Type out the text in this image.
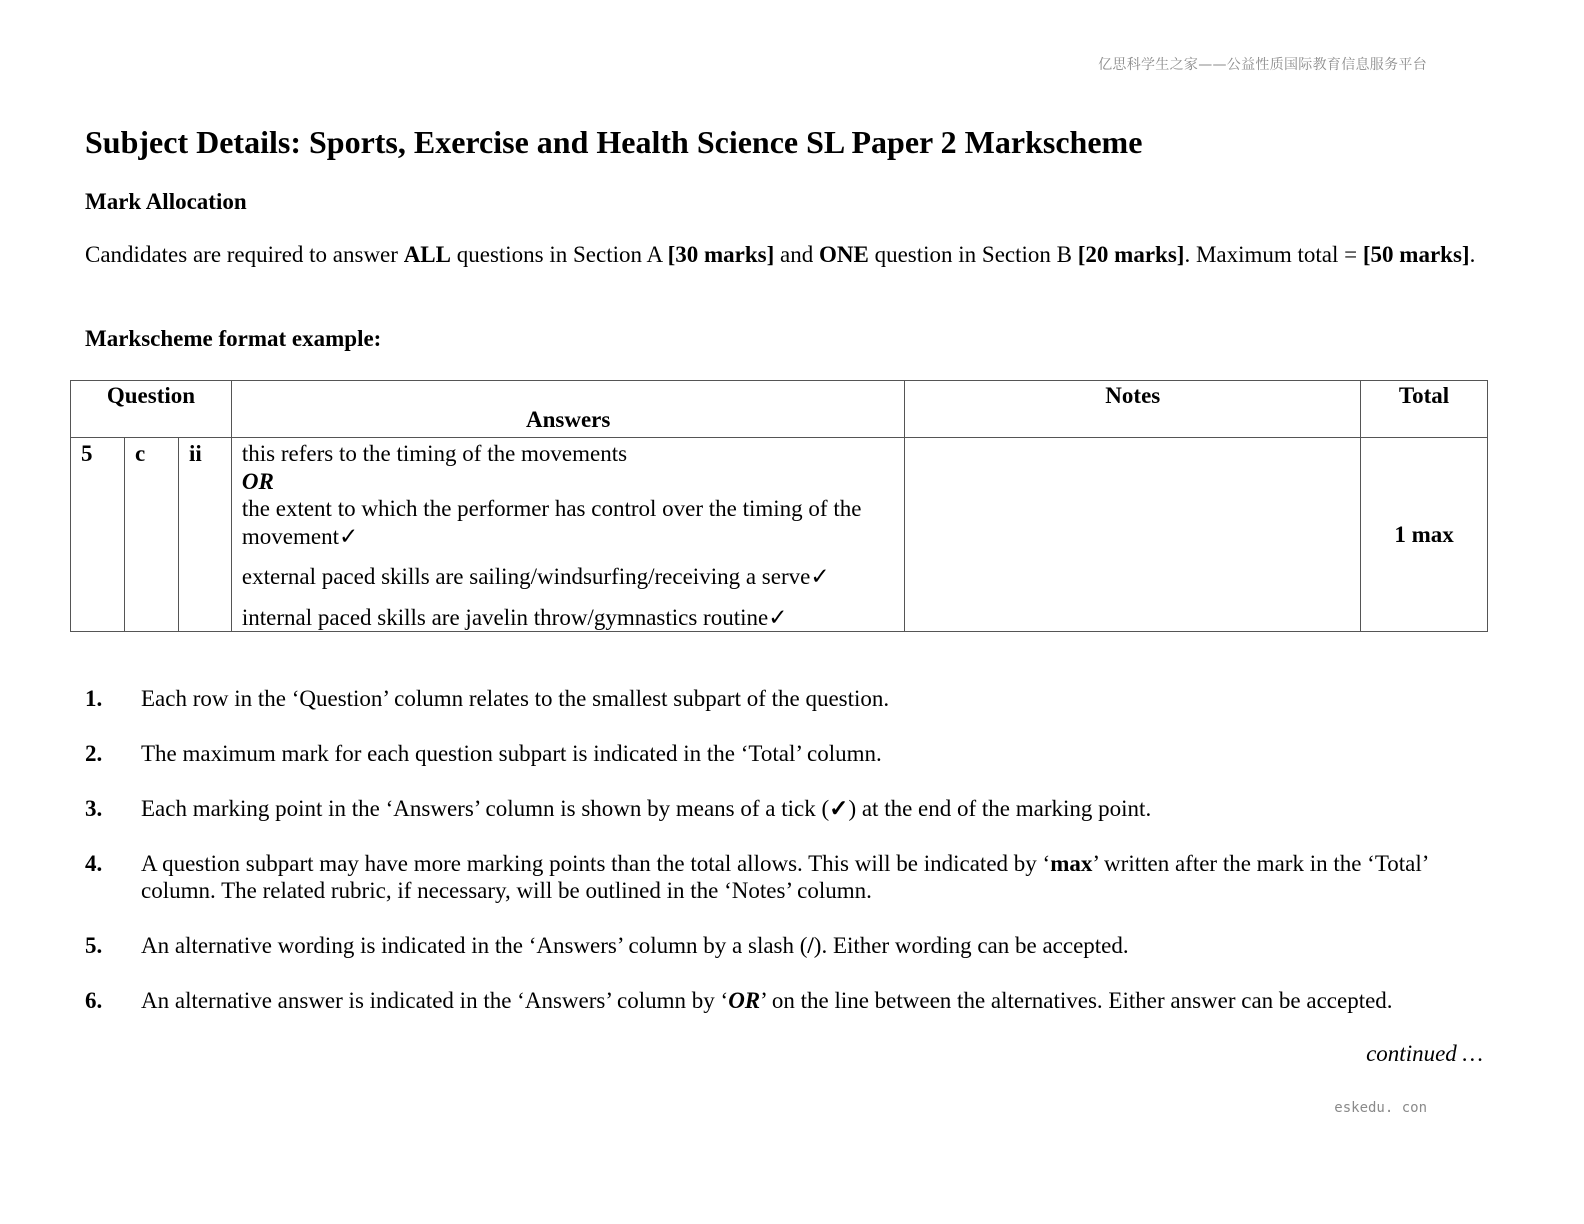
亿思科学生之家——公益性质国际教育信息服务平台
Subject Details: Sports, Exercise and Health Science SL Paper 2 Markscheme
Mark Allocation

Candidates are required to answer ALL questions in Section A [30 marks] and ONE question in Section B [20 marks]. Maximum total = [50 marks].

Markscheme format example:
Question			Answers	Notes	Total
5	c	ii	this refers to the timing of the movements

OR

the extent to which the performer has control over the timing of the movement✓

external paced skills are sailing/windsurfing/receiving a serve✓

internal paced skills are javelin throw/gymnastics routine✓		1 max
1. Each row in the ‘Question’ column relates to the smallest subpart of the question.
2. The maximum mark for each question subpart is indicated in the ‘Total’ column.
3. Each marking point in the ‘Answers’ column is shown by means of a tick (✓) at the end of the marking point.
4. A question subpart may have more marking points than the total allows. This will be indicated by ‘max’ written after the mark in the ‘Total’ column. The related rubric, if necessary, will be outlined in the ‘Notes’ column.
5. An alternative wording is indicated in the ‘Answers’ column by a slash (/). Either wording can be accepted.
6. An alternative answer is indicated in the ‘Answers’ column by ‘OR’ on the line between the alternatives. Either answer can be accepted.
continued …
eskedu. con
